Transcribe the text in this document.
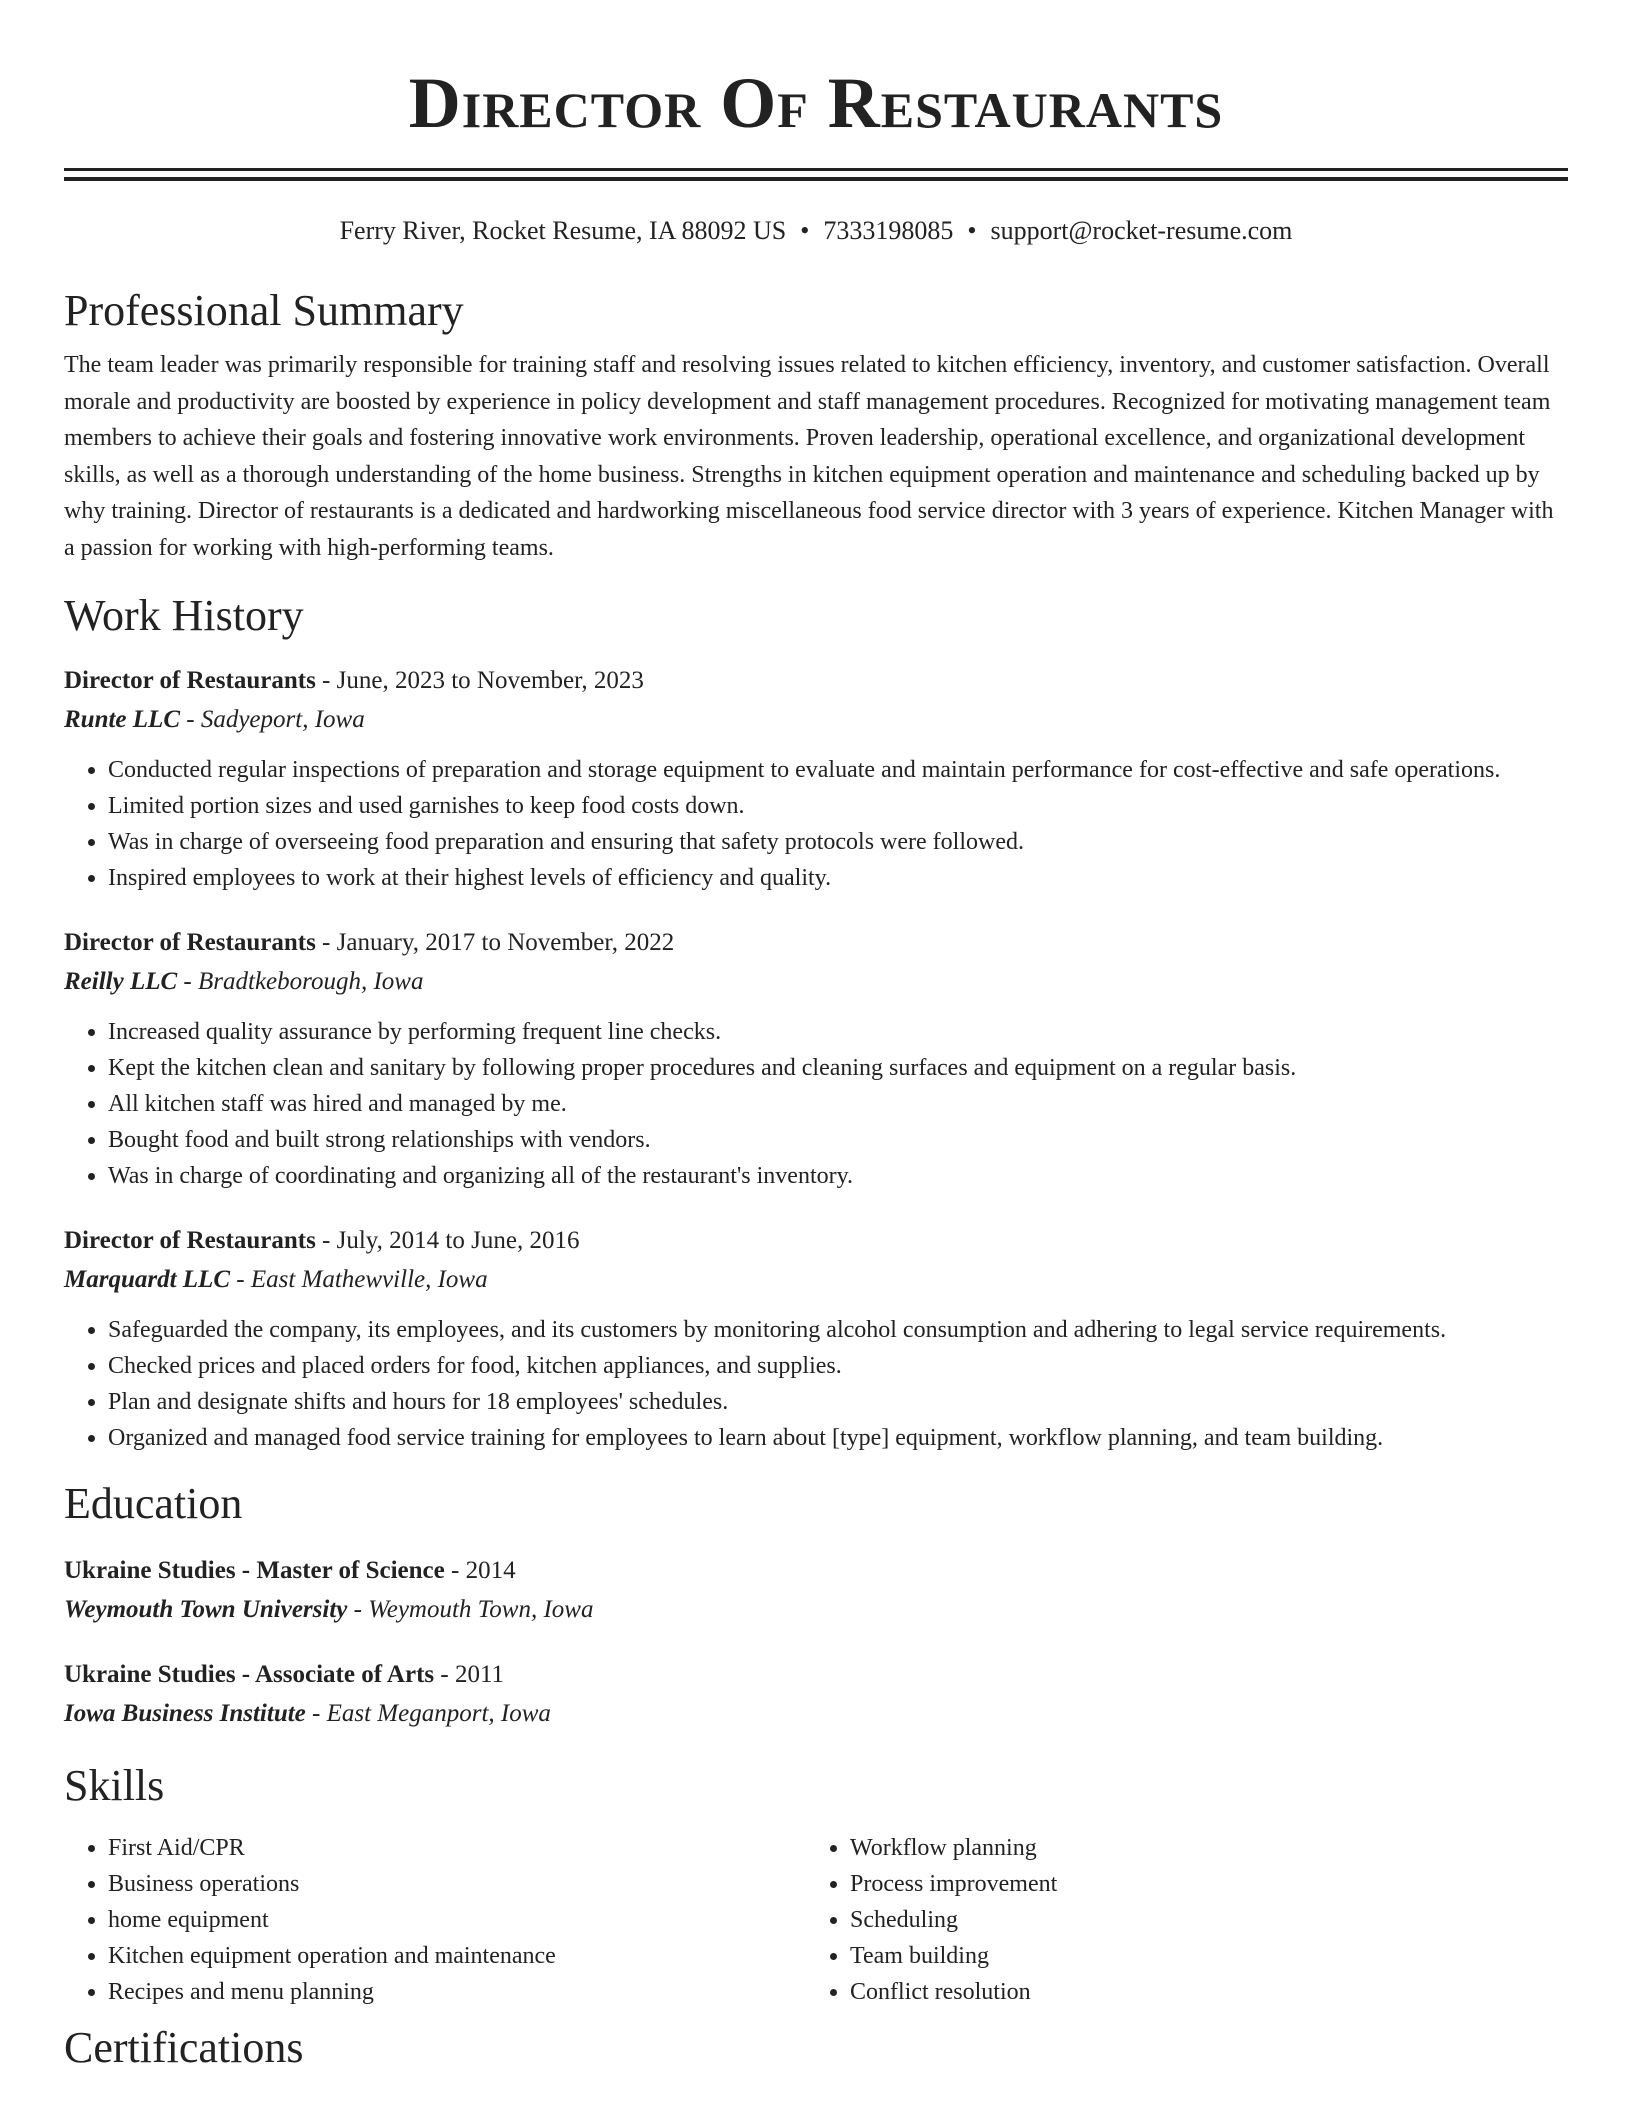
Director Of Restaurants
Ferry River, Rocket Resume, IA 88092 US • 7333198085 • support@rocket-resume.com
Professional Summary

The team leader was primarily responsible for training staff and resolving issues related to kitchen efficiency, inventory, and customer satisfaction. Overall morale and productivity are boosted by experience in policy development and staff management procedures. Recognized for motivating management team members to achieve their goals and fostering innovative work environments. Proven leadership, operational excellence, and organizational development skills, as well as a thorough understanding of the home business. Strengths in kitchen equipment operation and maintenance and scheduling backed up by why training. Director of restaurants is a dedicated and hardworking miscellaneous food service director with 3 years of experience. Kitchen Manager with a passion for working with high-performing teams.

Work History
Director of Restaurants - June, 2023 to November, 2023
Runte LLC - Sadyeport, Iowa
• Conducted regular inspections of preparation and storage equipment to evaluate and maintain performance for cost-effective and safe operations.
• Limited portion sizes and used garnishes to keep food costs down.
• Was in charge of overseeing food preparation and ensuring that safety protocols were followed.
• Inspired employees to work at their highest levels of efficiency and quality.
Director of Restaurants - January, 2017 to November, 2022
Reilly LLC - Bradtkeborough, Iowa
• Increased quality assurance by performing frequent line checks.
• Kept the kitchen clean and sanitary by following proper procedures and cleaning surfaces and equipment on a regular basis.
• All kitchen staff was hired and managed by me.
• Bought food and built strong relationships with vendors.
• Was in charge of coordinating and organizing all of the restaurant's inventory.
Director of Restaurants - July, 2014 to June, 2016
Marquardt LLC - East Mathewville, Iowa
• Safeguarded the company, its employees, and its customers by monitoring alcohol consumption and adhering to legal service requirements.
• Checked prices and placed orders for food, kitchen appliances, and supplies.
• Plan and designate shifts and hours for 18 employees' schedules.
• Organized and managed food service training for employees to learn about [type] equipment, workflow planning, and team building.
Education
Ukraine Studies - Master of Science - 2014
Weymouth Town University - Weymouth Town, Iowa
Ukraine Studies - Associate of Arts - 2011
Iowa Business Institute - East Meganport, Iowa
Skills
• First Aid/CPR
• Business operations
• home equipment
• Kitchen equipment operation and maintenance
• Recipes and menu planning
• Workflow planning
• Process improvement
• Scheduling
• Team building
• Conflict resolution
Certifications
